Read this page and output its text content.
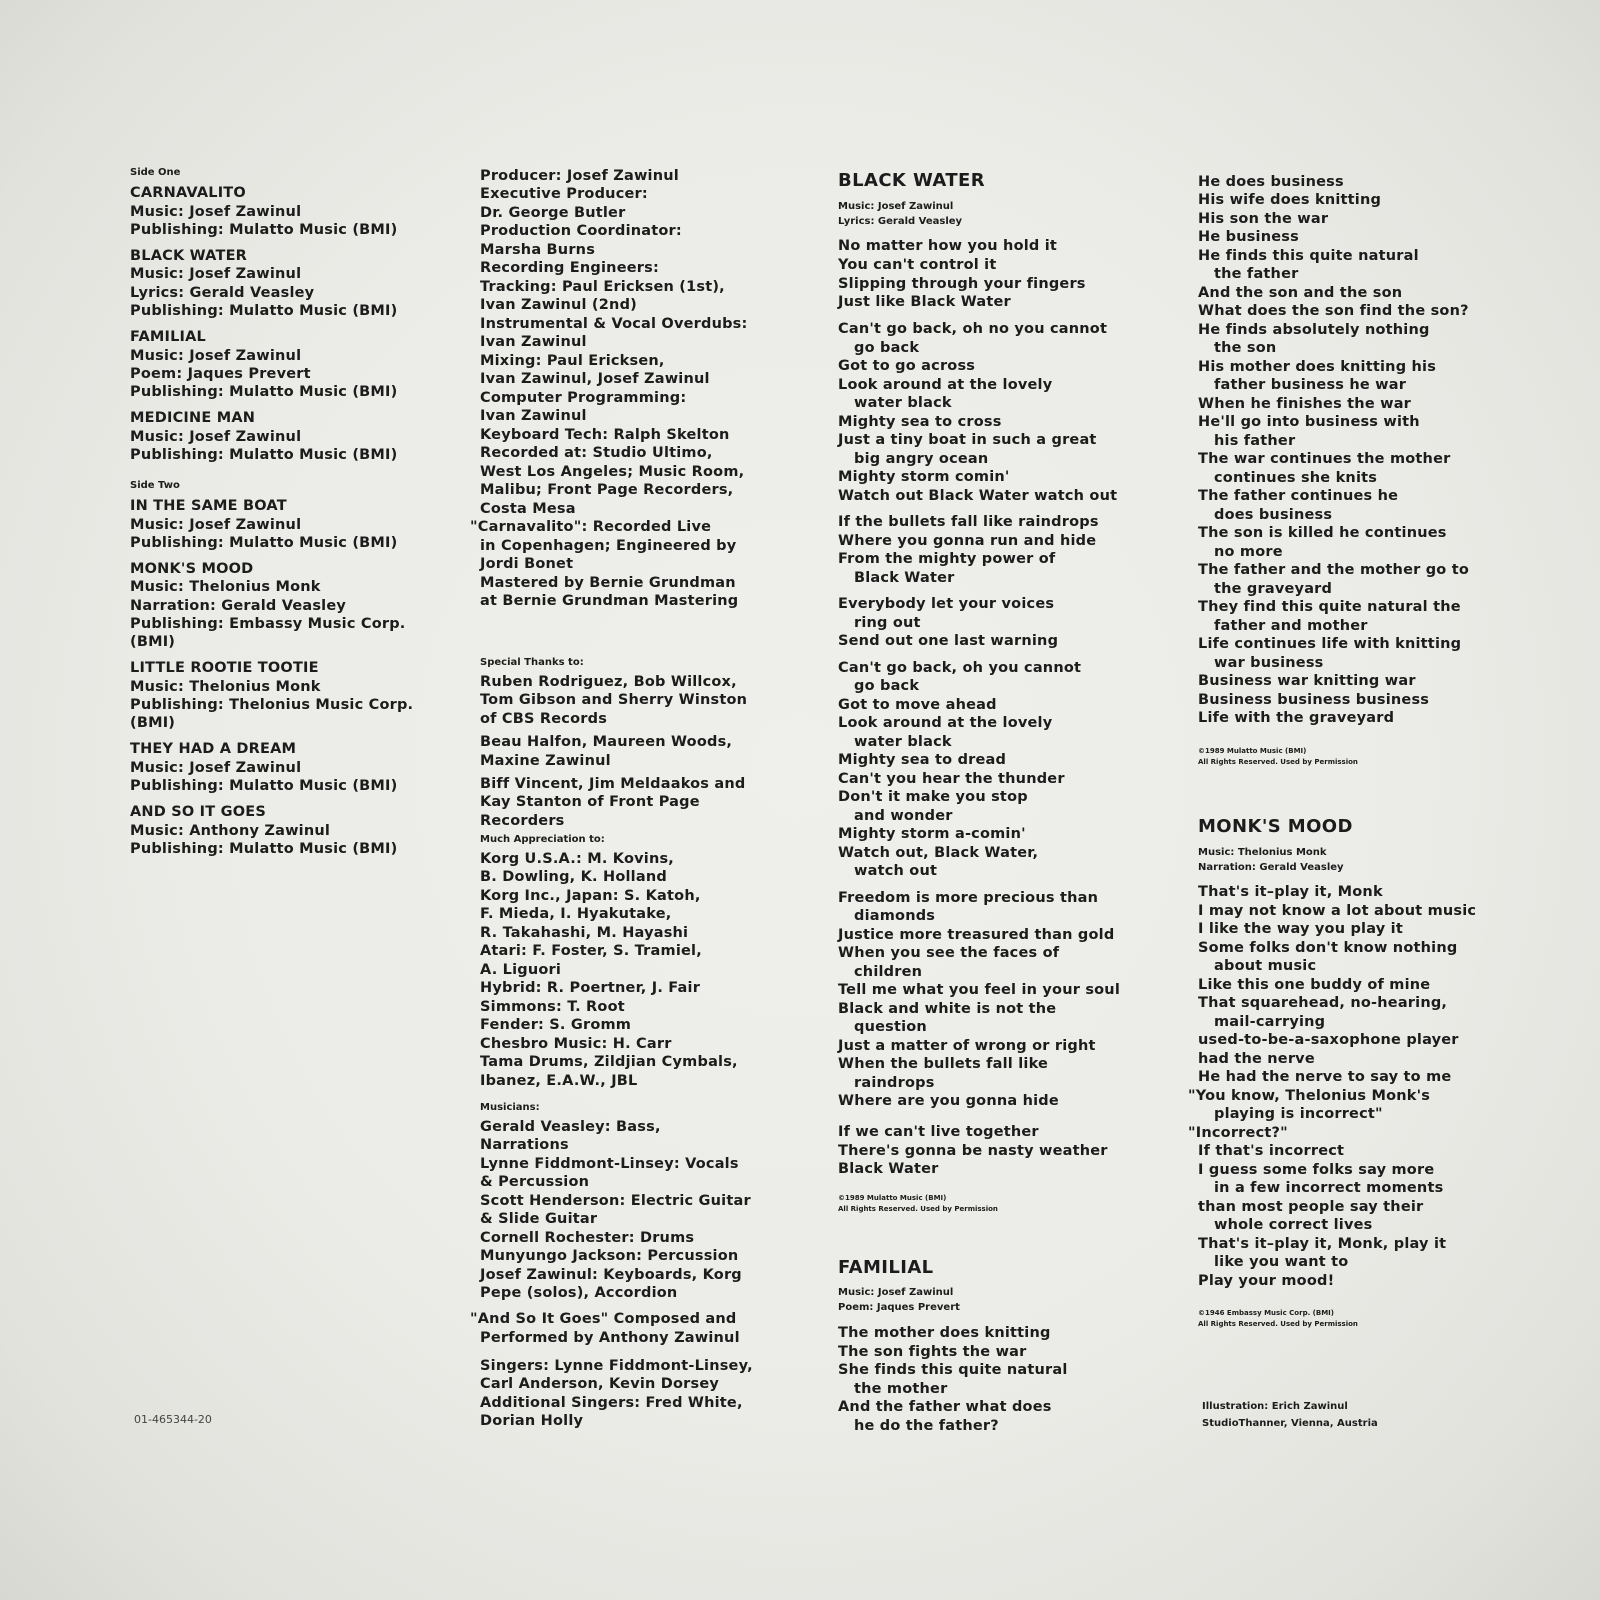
Side One
CARNAVALITO
Music: Josef Zawinul
Publishing: Mulatto Music (BMI)
BLACK WATER
Music: Josef Zawinul
Lyrics: Gerald Veasley
Publishing: Mulatto Music (BMI)
FAMILIAL
Music: Josef Zawinul
Poem: Jaques Prevert
Publishing: Mulatto Music (BMI)
MEDICINE MAN
Music: Josef Zawinul
Publishing: Mulatto Music (BMI)
Side Two
IN THE SAME BOAT
Music: Josef Zawinul
Publishing: Mulatto Music (BMI)
MONK'S MOOD
Music: Thelonius Monk
Narration: Gerald Veasley
Publishing: Embassy Music Corp.
(BMI)
LITTLE ROOTIE TOOTIE
Music: Thelonius Monk
Publishing: Thelonius Music Corp.
(BMI)
THEY HAD A DREAM
Music: Josef Zawinul
Publishing: Mulatto Music (BMI)
AND SO IT GOES
Music: Anthony Zawinul
Publishing: Mulatto Music (BMI)
01-465344-20
Producer: Josef Zawinul
Executive Producer:
Dr. George Butler
Production Coordinator:
Marsha Burns
Recording Engineers:
Tracking: Paul Ericksen (1st),
Ivan Zawinul (2nd)
Instrumental & Vocal Overdubs:
Ivan Zawinul
Mixing: Paul Ericksen,
Ivan Zawinul, Josef Zawinul
Computer Programming:
Ivan Zawinul
Keyboard Tech: Ralph Skelton
Recorded at: Studio Ultimo,
West Los Angeles; Music Room,
Malibu; Front Page Recorders,
Costa Mesa
"Carnavalito": Recorded Live
in Copenhagen; Engineered by
Jordi Bonet
Mastered by Bernie Grundman
at Bernie Grundman Mastering
Special Thanks to:
Ruben Rodriguez, Bob Willcox,
Tom Gibson and Sherry Winston
of CBS Records
Beau Halfon, Maureen Woods,
Maxine Zawinul
Biff Vincent, Jim Meldaakos and
Kay Stanton of Front Page
Recorders
Much Appreciation to:
Korg U.S.A.: M. Kovins,
B. Dowling, K. Holland
Korg Inc., Japan: S. Katoh,
F. Mieda, I. Hyakutake,
R. Takahashi, M. Hayashi
Atari: F. Foster, S. Tramiel,
A. Liguori
Hybrid: R. Poertner, J. Fair
Simmons: T. Root
Fender: S. Gromm
Chesbro Music: H. Carr
Tama Drums, Zildjian Cymbals,
Ibanez, E.A.W., JBL
Musicians:
Gerald Veasley: Bass,
Narrations
Lynne Fiddmont-Linsey: Vocals
& Percussion
Scott Henderson: Electric Guitar
& Slide Guitar
Cornell Rochester: Drums
Munyungo Jackson: Percussion
Josef Zawinul: Keyboards, Korg
Pepe (solos), Accordion
"And So It Goes" Composed and
Performed by Anthony Zawinul
Singers: Lynne Fiddmont-Linsey,
Carl Anderson, Kevin Dorsey
Additional Singers: Fred White,
Dorian Holly
BLACK WATER
Music: Josef Zawinul
Lyrics: Gerald Veasley
No matter how you hold it
You can't control it
Slipping through your fingers
Just like Black Water
Can't go back, oh no you cannot
go back
Got to go across
Look around at the lovely
water black
Mighty sea to cross
Just a tiny boat in such a great
big angry ocean
Mighty storm comin'
Watch out Black Water watch out
If the bullets fall like raindrops
Where you gonna run and hide
From the mighty power of
Black Water
Everybody let your voices
ring out
Send out one last warning
Can't go back, oh you cannot
go back
Got to move ahead
Look around at the lovely
water black
Mighty sea to dread
Can't you hear the thunder
Don't it make you stop
and wonder
Mighty storm a-comin'
Watch out, Black Water,
watch out
Freedom is more precious than
diamonds
Justice more treasured than gold
When you see the faces of
children
Tell me what you feel in your soul
Black and white is not the
question
Just a matter of wrong or right
When the bullets fall like
raindrops
Where are you gonna hide
If we can't live together
There's gonna be nasty weather
Black Water
©1989 Mulatto Music (BMI)
All Rights Reserved. Used by Permission
FAMILIAL
Music: Josef Zawinul
Poem: Jaques Prevert
The mother does knitting
The son fights the war
She finds this quite natural
the mother
And the father what does
he do the father?
He does business
His wife does knitting
His son the war
He business
He finds this quite natural
the father
And the son and the son
What does the son find the son?
He finds absolutely nothing
the son
His mother does knitting his
father business he war
When he finishes the war
He'll go into business with
his father
The war continues the mother
continues she knits
The father continues he
does business
The son is killed he continues
no more
The father and the mother go to
the graveyard
They find this quite natural the
father and mother
Life continues life with knitting
war business
Business war knitting war
Business business business
Life with the graveyard
©1989 Mulatto Music (BMI)
All Rights Reserved. Used by Permission
MONK'S MOOD
Music: Thelonius Monk
Narration: Gerald Veasley
That's it–play it, Monk
I may not know a lot about music
I like the way you play it
Some folks don't know nothing
about music
Like this one buddy of mine
That squarehead, no-hearing,
mail-carrying
used-to-be-a-saxophone player
had the nerve
He had the nerve to say to me
"You know, Thelonius Monk's
playing is incorrect"
"Incorrect?"
If that's incorrect
I guess some folks say more
in a few incorrect moments
than most people say their
whole correct lives
That's it–play it, Monk, play it
like you want to
Play your mood!
©1946 Embassy Music Corp. (BMI)
All Rights Reserved. Used by Permission
Illustration: Erich Zawinul
StudioThanner, Vienna, Austria
